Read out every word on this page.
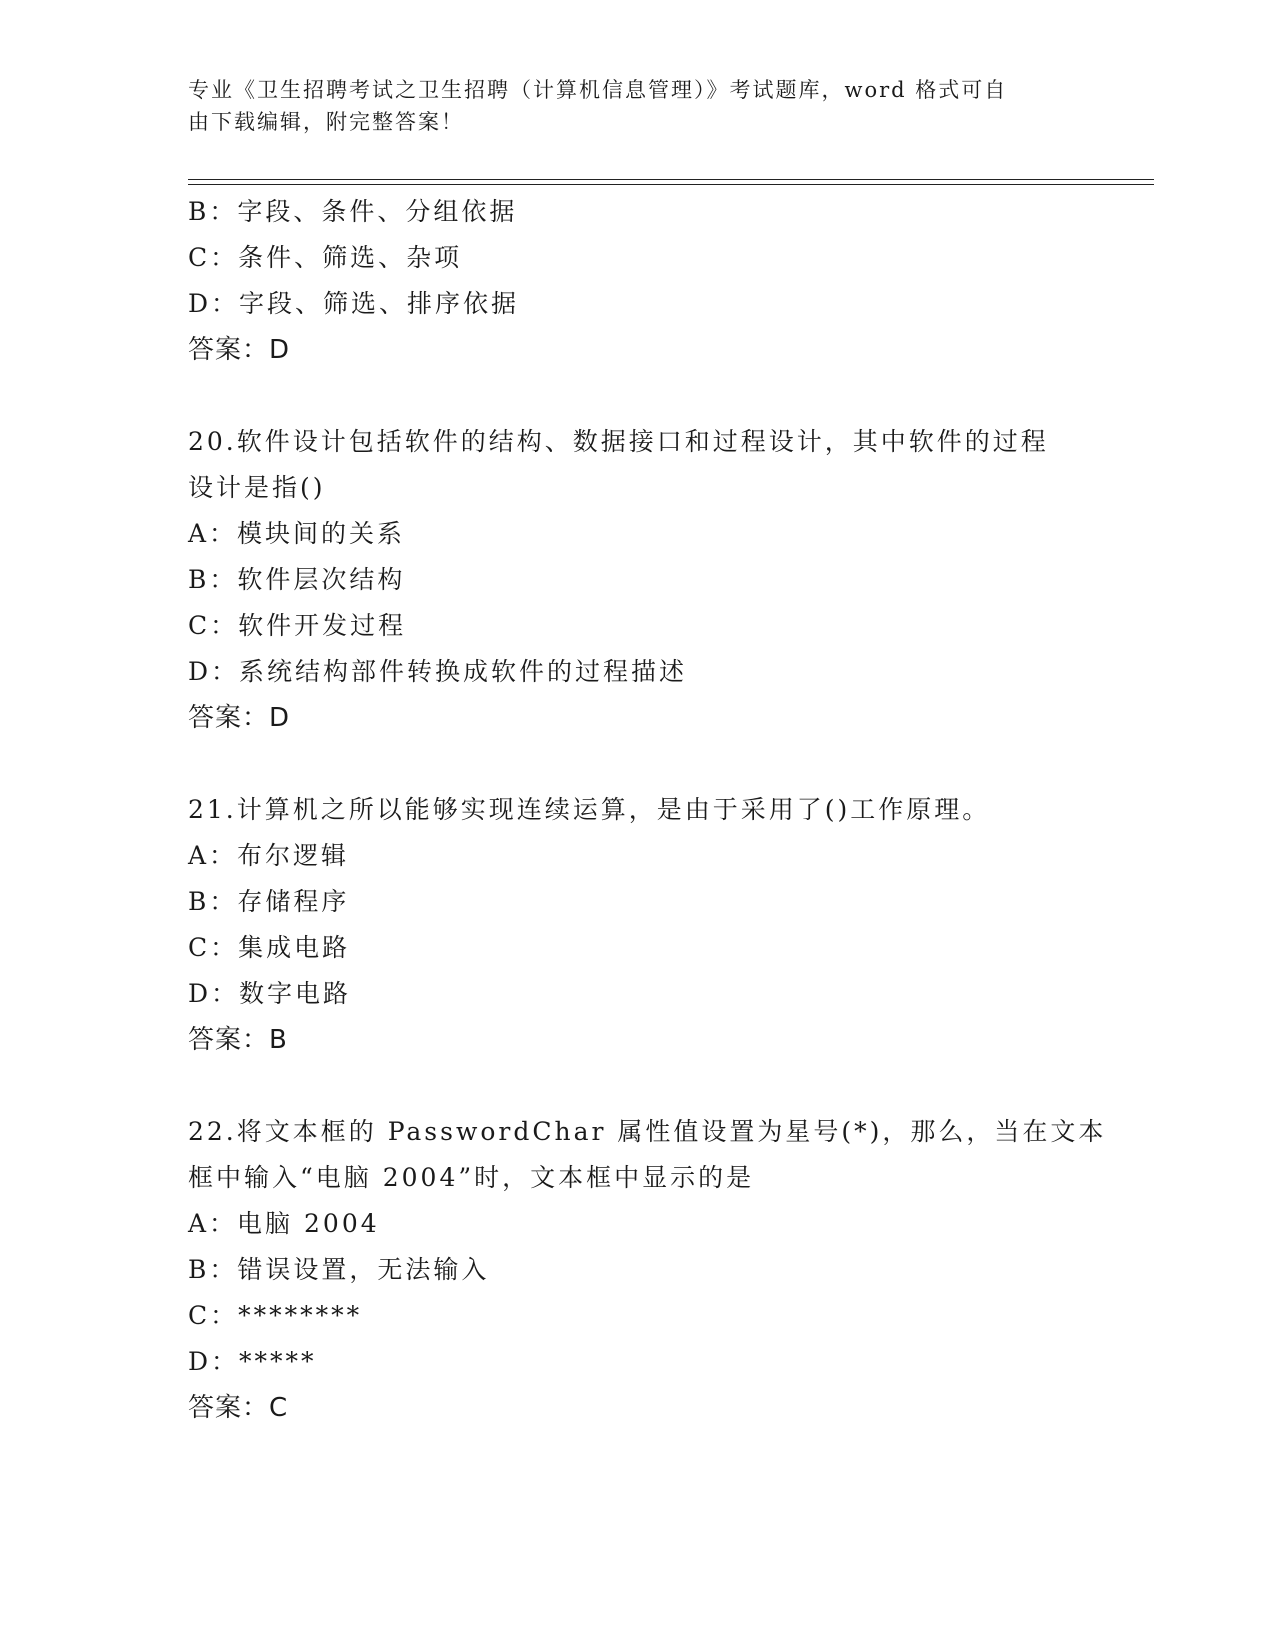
专业《卫生招聘考试之卫生招聘（计算机信息管理）》考试题库，word 格式可自
由下载编辑，附完整答案！
B：字段、条件、分组依据
C：条件、筛选、杂项
D：字段、筛选、排序依据
答案：D
20.软件设计包括软件的结构、数据接口和过程设计，其中软件的过程
设计是指()
A：模块间的关系
B：软件层次结构
C：软件开发过程
D：系统结构部件转换成软件的过程描述
答案：D
21.计算机之所以能够实现连续运算，是由于采用了()工作原理。
A：布尔逻辑
B：存储程序
C：集成电路
D：数字电路
答案：B
22.将文本框的 PasswordChar 属性值设置为星号(*)，那么，当在文本
框中输入“电脑 2004”时，文本框中显示的是
A：电脑 2004
B：错误设置，无法输入
C：********
D：*****
答案：C
